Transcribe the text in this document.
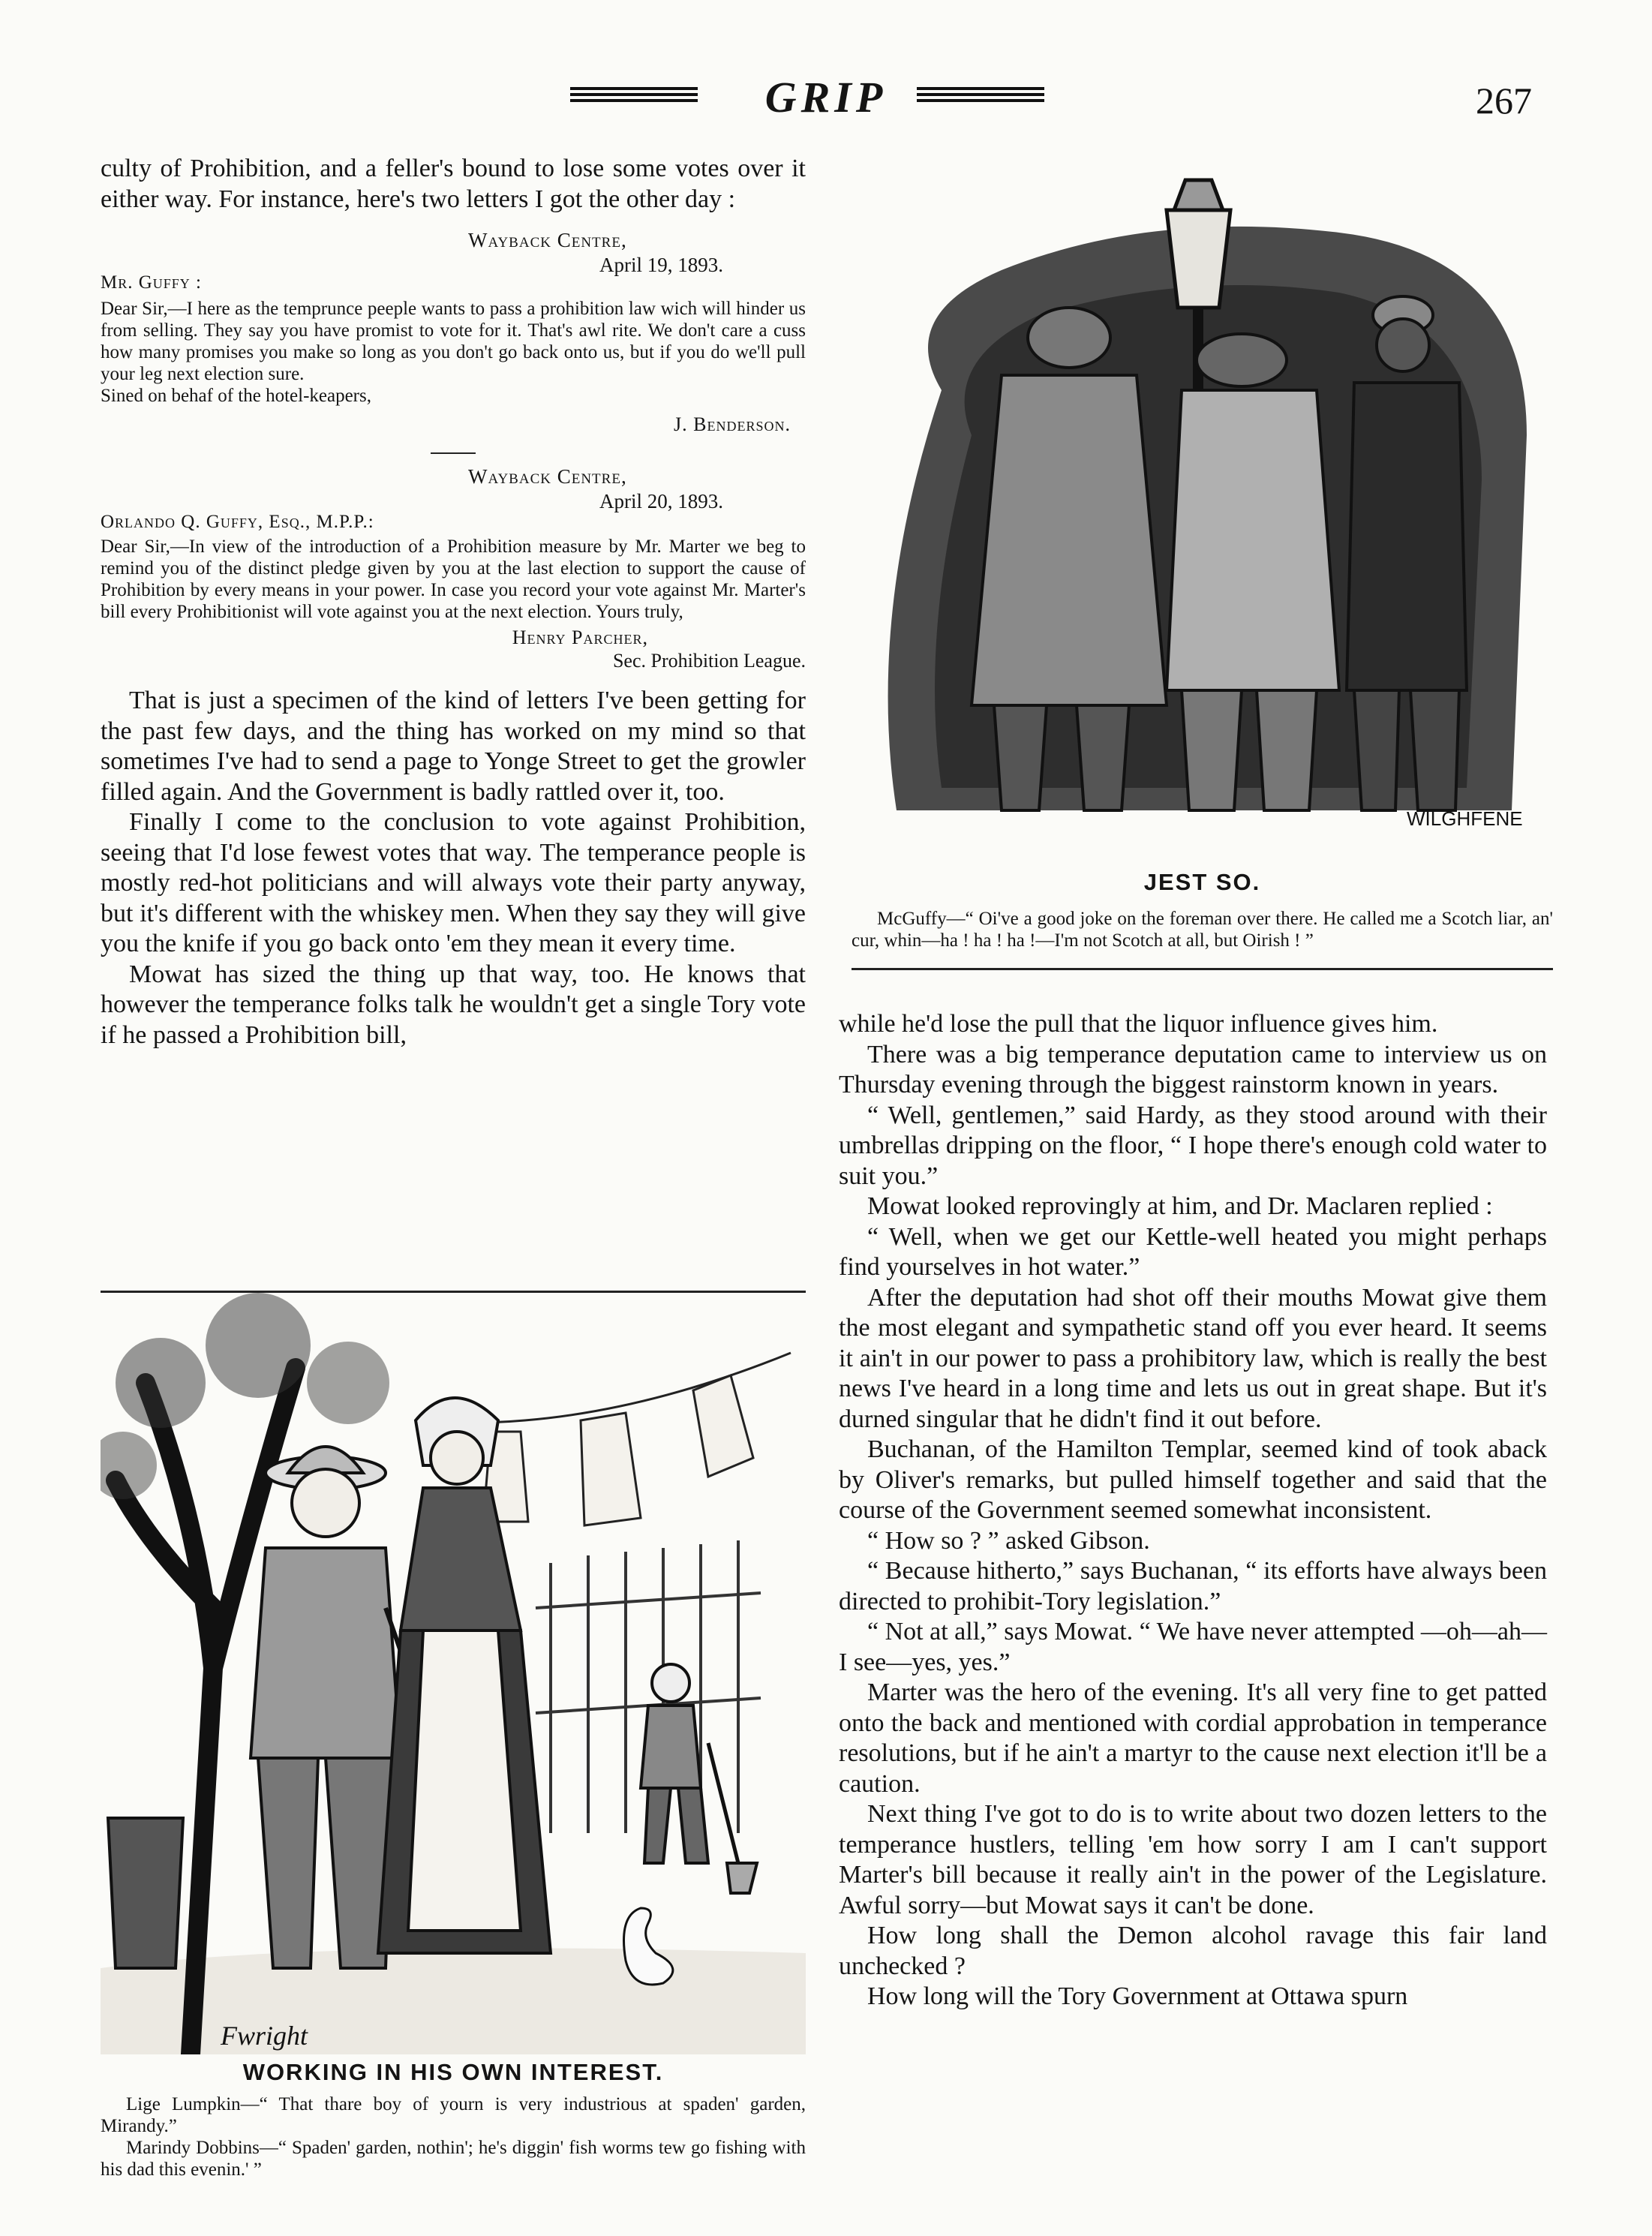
GRIP	267

culty of Prohibition, and a feller's bound to lose some votes over it either way. For instance, here's two letters I got the other day :

Wayback Centre,
April 19, 1893.
Mr. Guffy :

Dear Sir,—I here as the temprunce peeple wants to pass a prohibition law wich will hinder us from selling. They say you have promist to vote for it. That's awl rite. We don't care a cuss how many promises you make so long as you don't go back onto us, but if you do we'll pull your leg next election sure.

Sined on behaf of the hotel-keapers,

J. Benderson.
Wayback Centre,
April 20, 1893.
Orlando Q. Guffy, Esq., M.P.P.:

Dear Sir,—In view of the introduction of a Prohibition measure by Mr. Marter we beg to remind you of the distinct pledge given by you at the last election to support the cause of Prohibition by every means in your power. In case you record your vote against Mr. Marter's bill every Prohibitionist will vote against you at the next election. Yours truly,

Henry Parcher,
Sec. Prohibition League.

That is just a specimen of the kind of letters I've been getting for the past few days, and the thing has worked on my mind so that sometimes I've had to send a page to Yonge Street to get the growler filled again. And the Government is badly rattled over it, too.

Finally I come to the conclusion to vote against Prohibition, seeing that I'd lose fewest votes that way. The temperance people is mostly red-hot politicians and will always vote their party anyway, but it's different with the whiskey men. When they say they will give you the knife if you go back onto 'em they mean it every time.

Mowat has sized the thing up that way, too. He knows that however the temperance folks talk he wouldn't get a single Tory vote if he passed a Prohibition bill,

Fwright
WORKING IN HIS OWN INTEREST.

Lige Lumpkin—“ That thare boy of yourn is very industrious at spaden' garden, Mirandy.”

Marindy Dobbins—“ Spaden' garden, nothin'; he's diggin' fish worms tew go fishing with his dad this evenin.' ”

WILGHFENE
JEST SO.

McGuffy—“ Oi've a good joke on the foreman over there. He called me a Scotch liar, an' cur, whin—ha ! ha ! ha !—I'm not Scotch at all, but Oirish ! ”

while he'd lose the pull that the liquor influence gives him.

There was a big temperance deputation came to interview us on Thursday evening through the biggest rainstorm known in years.

“ Well, gentlemen,” said Hardy, as they stood around with their umbrellas dripping on the floor, “ I hope there's enough cold water to suit you.”

Mowat looked reprovingly at him, and Dr. Maclaren replied :

“ Well, when we get our Kettle-well heated you might perhaps find yourselves in hot water.”

After the deputation had shot off their mouths Mowat give them the most elegant and sympathetic stand off you ever heard. It seems it ain't in our power to pass a prohibitory law, which is really the best news I've heard in a long time and lets us out in great shape. But it's durned singular that he didn't find it out before.

Buchanan, of the Hamilton Templar, seemed kind of took aback by Oliver's remarks, but pulled himself together and said that the course of the Government seemed somewhat inconsistent.

“ How so ? ” asked Gibson.

“ Because hitherto,” says Buchanan, “ its efforts have always been directed to prohibit-Tory legislation.”

“ Not at all,” says Mowat. “ We have never attempted —oh—ah—I see—yes, yes.”

Marter was the hero of the evening. It's all very fine to get patted onto the back and mentioned with cordial approbation in temperance resolutions, but if he ain't a martyr to the cause next election it'll be a caution.

Next thing I've got to do is to write about two dozen letters to the temperance hustlers, telling 'em how sorry I am I can't support Marter's bill because it really ain't in the power of the Legislature. Awful sorry—but Mowat says it can't be done.

How long shall the Demon alcohol ravage this fair land unchecked ?

How long will the Tory Government at Ottawa spurn
